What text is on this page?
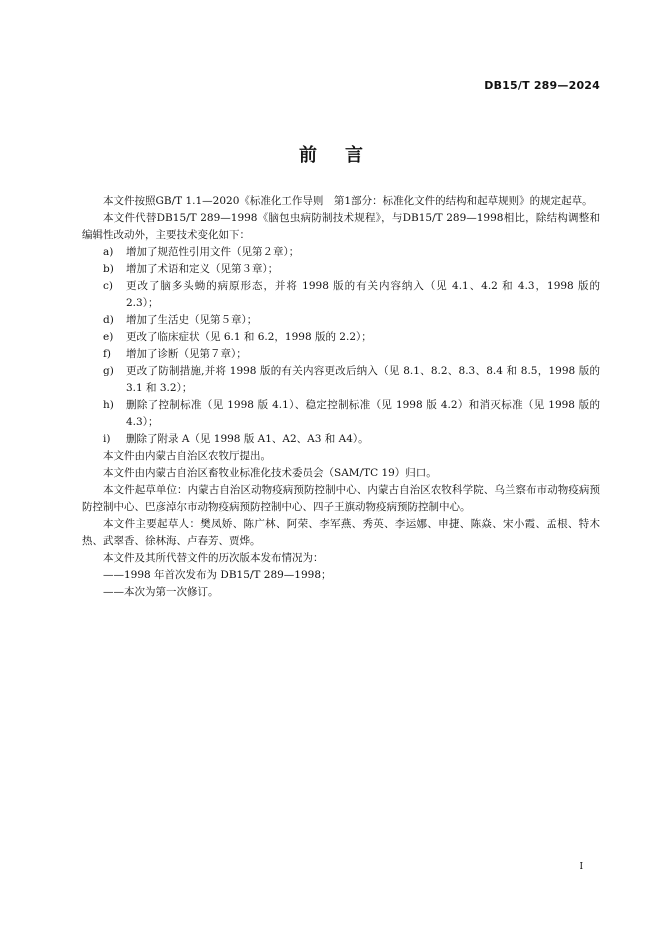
DB15/T 289—2024
前言

本文件按照GB/T 1.1—2020《标准化工作导则　第1部分：标准化文件的结构和起草规则》的规定起草。

本文件代替DB15/T 289—1998《脑包虫病防制技术规程》，与DB15/T 289—1998相比，除结构调整和编辑性改动外，主要技术变化如下：

a) 增加了规范性引用文件（见第２章）；
b) 增加了术语和定义（见第３章）；
c) 更改了脑多头蚴的病原形态，并将 1998 版的有关内容纳入（见 4.1、4.2 和 4.3，1998 版的 2.3）；
d) 增加了生活史（见第５章）；
e) 更改了临床症状（见 6.1 和 6.2，1998 版的 2.2）；
f) 增加了诊断（见第７章）；
g) 更改了防制措施,并将 1998 版的有关内容更改后纳入（见 8.1、8.2、8.3、8.4 和 8.5，1998 版的 3.1 和 3.2）；
h) 删除了控制标准（见 1998 版 4.1）、稳定控制标准（见 1998 版 4.2）和消灭标准（见 1998 版的 4.3）；
i) 删除了附录 A（见 1998 版 A1、A2、A3 和 A4）。

本文件由内蒙古自治区农牧厅提出。

本文件由内蒙古自治区畜牧业标准化技术委员会（SAM/TC 19）归口。

本文件起草单位：内蒙古自治区动物疫病预防控制中心、内蒙古自治区农牧科学院、乌兰察布市动物疫病预防控制中心、巴彦淖尔市动物疫病预防控制中心、四子王旗动物疫病预防控制中心。

本文件主要起草人：樊凤娇、陈广林、阿荣、李军燕、秀英、李运娜、申捷、陈焱、宋小霞、孟根、特木热、武翠香、徐林海、卢春芳、贾烨。

本文件及其所代替文件的历次版本发布情况为：

——1998 年首次发布为 DB15/T 289—1998；

——本次为第一次修订。

I
